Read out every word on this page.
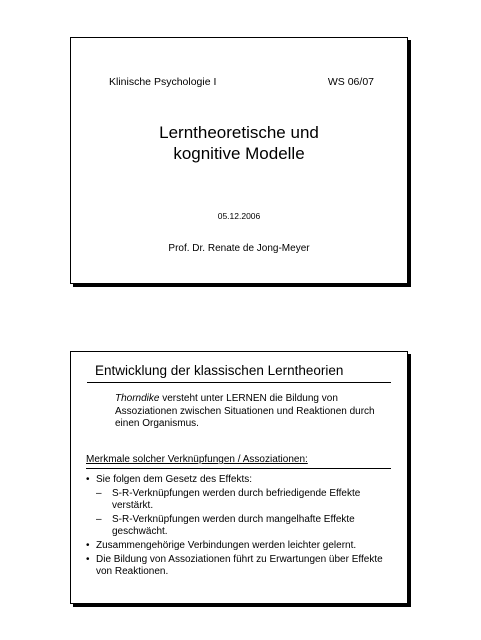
Klinische Psychologie I	WS 06/07
Lerntheoretische und
kognitive Modelle
05.12.2006
Prof. Dr. Renate de Jong-Meyer
Entwicklung der klassischen Lerntheorien
Thorndike versteht unter LERNEN die Bildung von Assoziationen zwischen Situationen und Reaktionen durch einen Organismus.
Merkmale solcher Verknüpfungen / Assoziationen:
• Sie folgen dem Gesetz des Effekts:
– S-R-Verknüpfungen werden durch befriedigende Effekte verstärkt.
– S-R-Verknüpfungen werden durch mangelhafte Effekte geschwächt.
• Zusammengehörige Verbindungen werden leichter gelernt.
• Die Bildung von Assoziationen führt zu Erwartungen über Effekte von Reaktionen.
